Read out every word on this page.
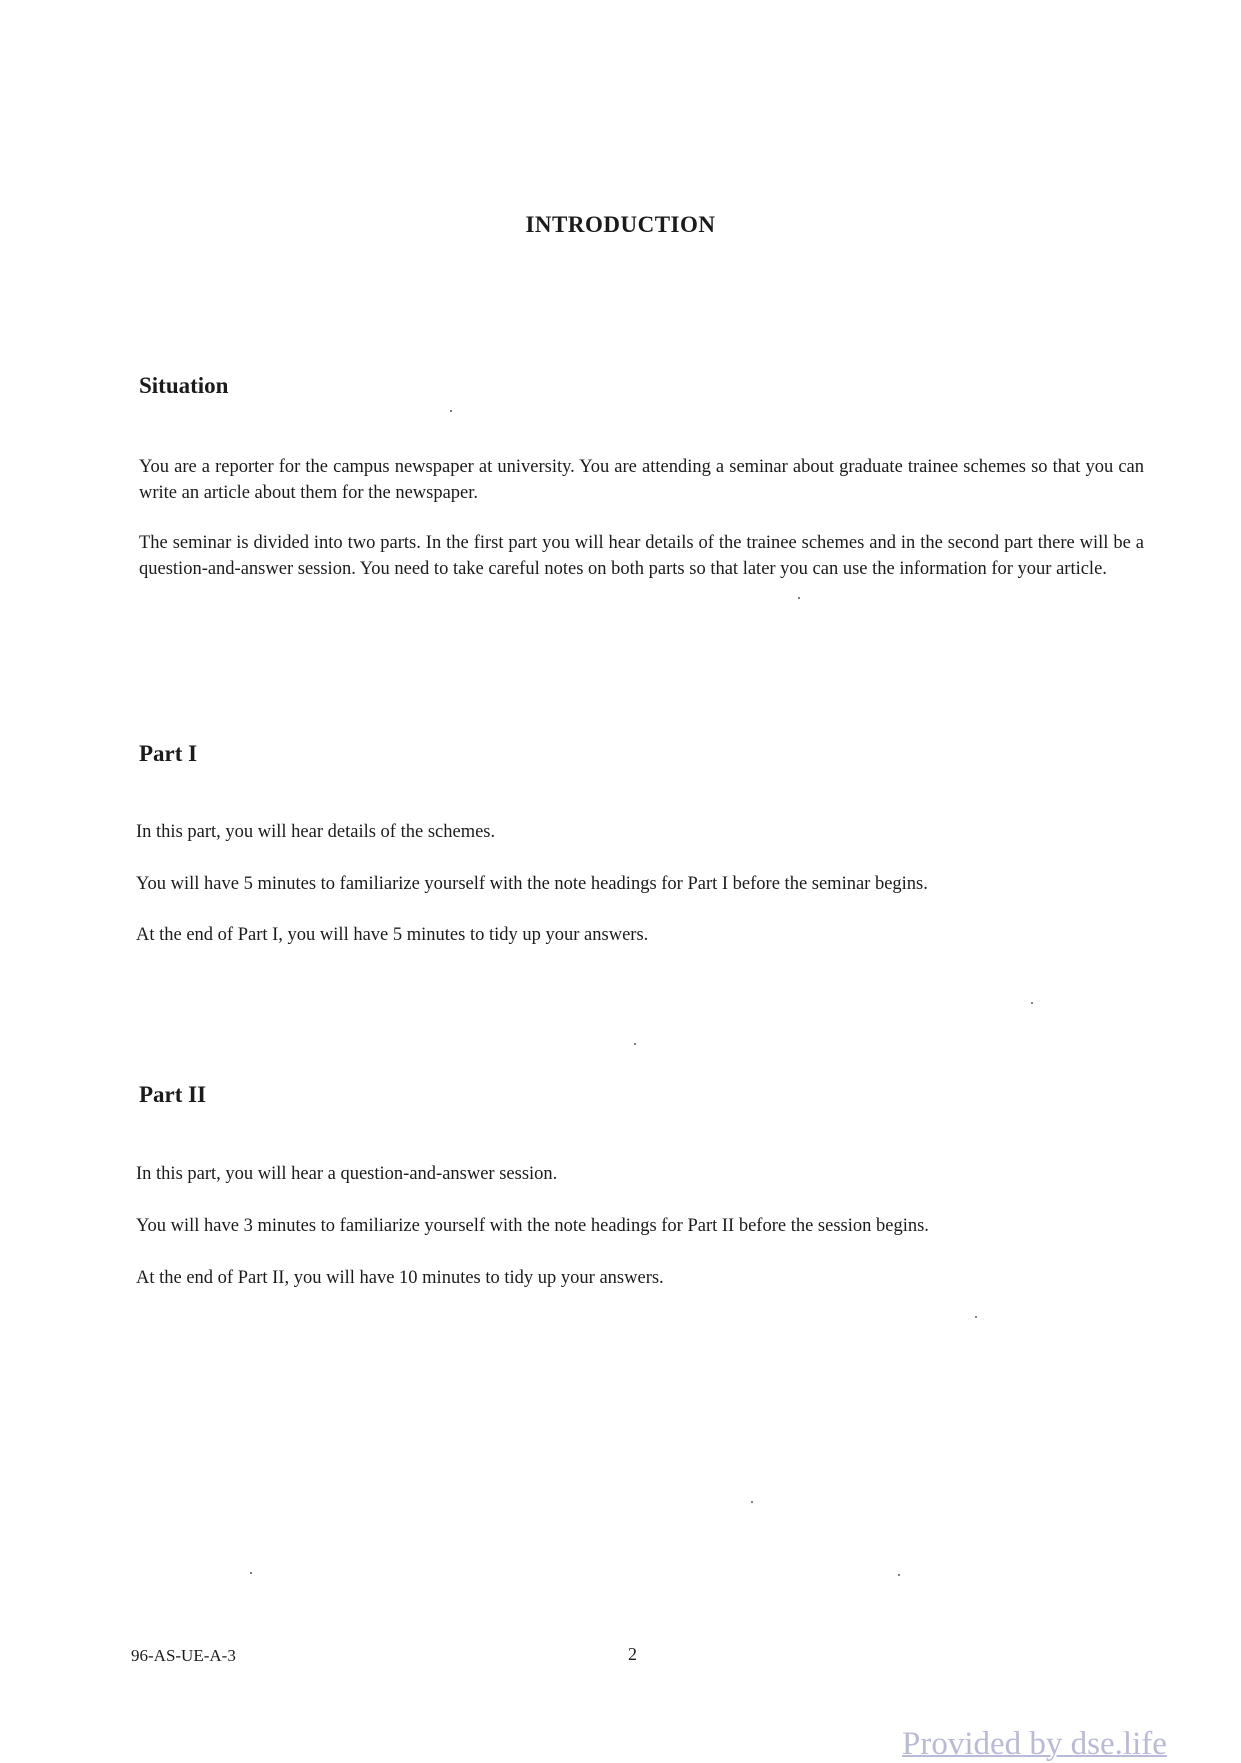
INTRODUCTION
Situation

You are a reporter for the campus newspaper at university. You are attending a seminar about graduate trainee schemes so that you can write an article about them for the newspaper.

The seminar is divided into two parts. In the first part you will hear details of the trainee schemes and in the second part there will be a question-and-answer session. You need to take careful notes on both parts so that later you can use the information for your article.

Part I

In this part, you will hear details of the schemes.

You will have 5 minutes to familiarize yourself with the note headings for Part I before the seminar begins.

At the end of Part I, you will have 5 minutes to tidy up your answers.

Part II

In this part, you will hear a question-and-answer session.

You will have 3 minutes to familiarize yourself with the note headings for Part II before the session begins.

At the end of Part II, you will have 10 minutes to tidy up your answers.

96-AS-UE-A-3	2
Provided by dse.life
